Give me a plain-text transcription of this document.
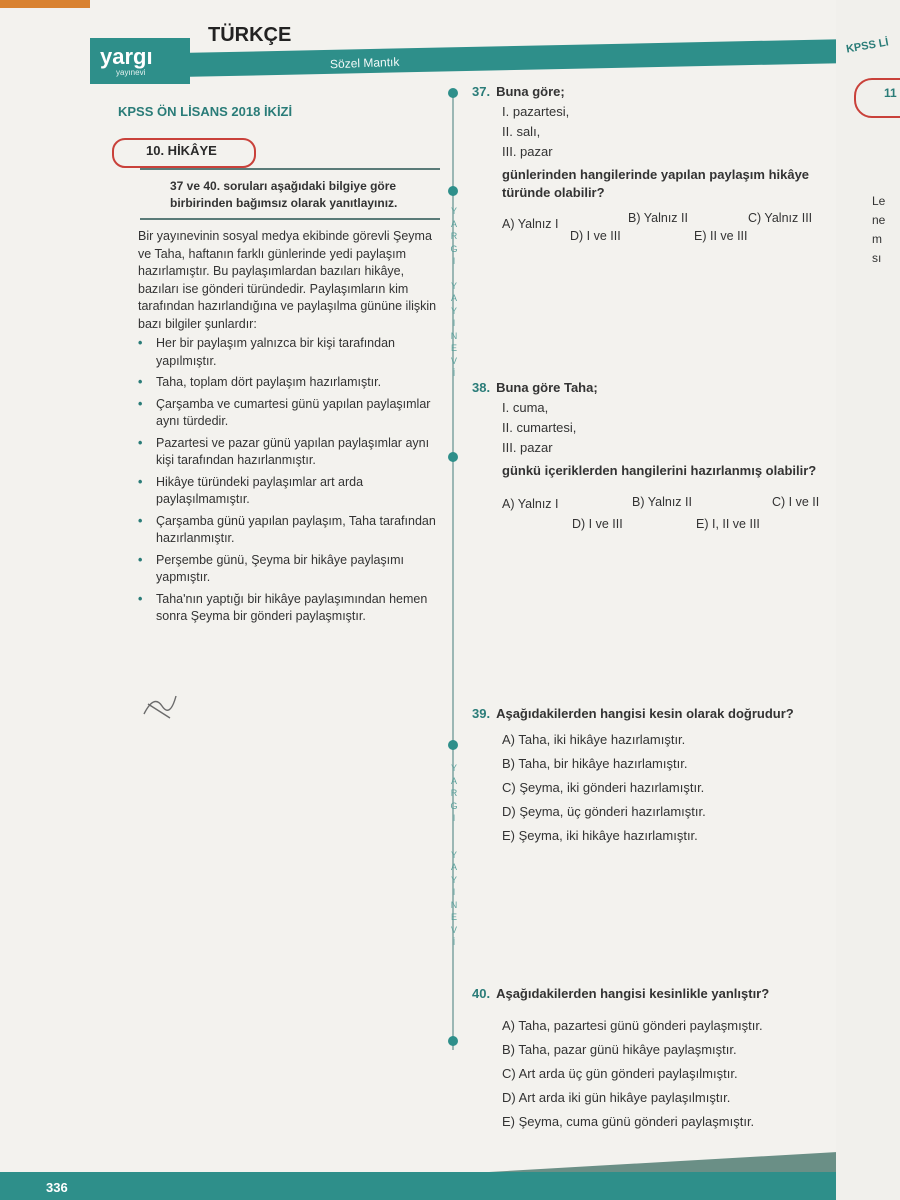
yargı
yayınevi
TÜRKÇE
Sözel Mantık
KPSS ÖN LİSANS 2018 İKİZİ
10. HİKÂYE
37 ve 40. soruları aşağıdaki bilgiye göre birbirinden bağımsız olarak yanıtlayınız.

Bir yayınevinin sosyal medya ekibinde görevli Şeyma ve Taha, haftanın farklı günlerinde yedi paylaşım hazırlamıştır. Bu paylaşımlardan bazıları hikâye, bazıları ise gönderi türündedir. Paylaşımların kim tarafından hazırlandığına ve paylaşılma gününe ilişkin bazı bilgiler şunlardır:

• Her bir paylaşım yalnızca bir kişi tarafından yapılmıştır.
• Taha, toplam dört paylaşım hazırlamıştır.
• Çarşamba ve cumartesi günü yapılan paylaşımlar aynı türdedir.
• Pazartesi ve pazar günü yapılan paylaşımlar aynı kişi tarafından hazırlanmıştır.
• Hikâye türündeki paylaşımlar art arda paylaşılmamıştır.
• Çarşamba günü yapılan paylaşım, Taha tarafından hazırlanmıştır.
• Perşembe günü, Şeyma bir hikâye paylaşımı yapmıştır.
• Taha'nın yaptığı bir hikâye paylaşımından hemen sonra Şeyma bir gönderi paylaşmıştır.
Y
A
R
G
I
Y
A
Y
I
N
E
V
İ
Y
A
R
G
I
Y
A
Y
I
N
E
V
İ
37. Buna göre;
I. pazartesi,
II. salı,
III. pazar
günlerinden hangilerinde yapılan paylaşım hikâye türünde olabilir?
A) Yalnız I	B) Yalnız II	C) Yalnız III
D) I ve III	E) II ve III
38. Buna göre Taha;
I. cuma,
II. cumartesi,
III. pazar
günkü içeriklerden hangilerini hazırlanmış olabilir?
A) Yalnız I	B) Yalnız II	C) I ve II
D) I ve III	E) I, II ve III
39. Aşağıdakilerden hangisi kesin olarak doğrudur?
A) Taha, iki hikâye hazırlamıştır.
B) Taha, bir hikâye hazırlamıştır.
C) Şeyma, iki gönderi hazırlamıştır.
D) Şeyma, üç gönderi hazırlamıştır.
E) Şeyma, iki hikâye hazırlamıştır.
40. Aşağıdakilerden hangisi kesinlikle yanlıştır?
A) Taha, pazartesi günü gönderi paylaşmıştır.
B) Taha, pazar günü hikâye paylaşmıştır.
C) Art arda üç gün gönderi paylaşılmıştır.
D) Art arda iki gün hikâye paylaşılmıştır.
E) Şeyma, cuma günü gönderi paylaşmıştır.
336
KPSS Lİ
11
Le
ne
m
sı
